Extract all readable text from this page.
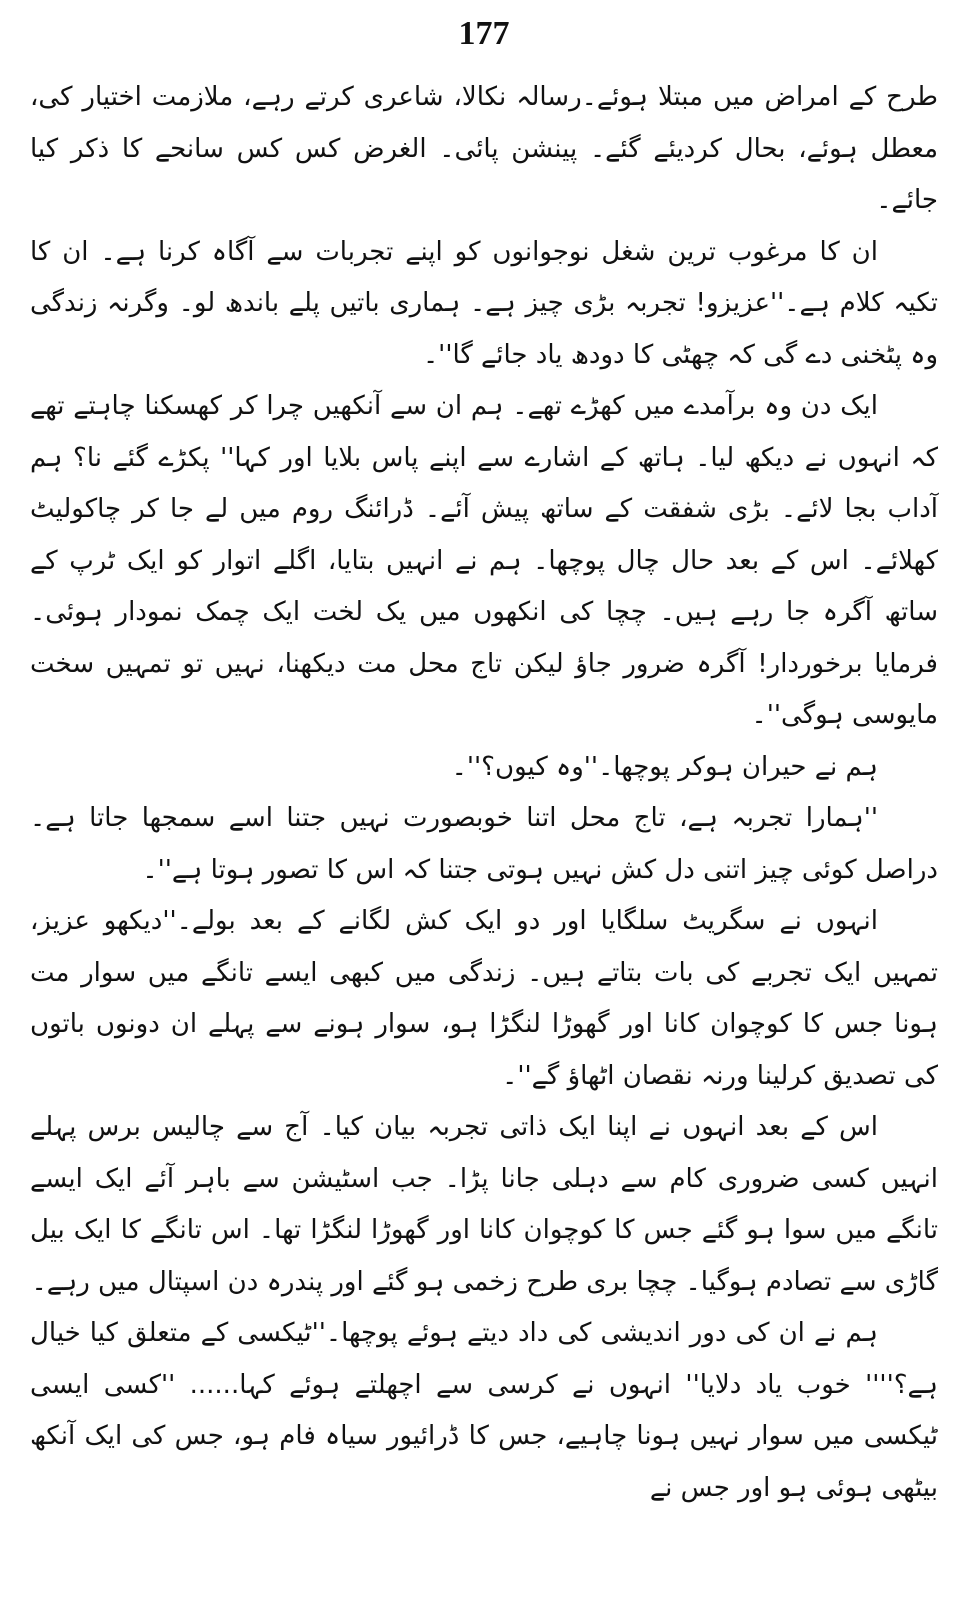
177

طرح کے امراض میں مبتلا ہوئے۔رسالہ نکالا، شاعری کرتے رہے، ملازمت اختیار کی، معطل ہوئے، بحال کردیئے گئے۔ پینشن پائی۔ الغرض کس کس سانحے کا ذکر کیا جائے۔

ان کا مرغوب ترین شغل نوجوانوں کو اپنے تجربات سے آگاہ کرنا ہے۔ ان کا تکیہ کلام ہے۔''عزیزو! تجربہ بڑی چیز ہے۔ ہماری باتیں پلے باندھ لو۔ وگرنہ زندگی وہ پٹخنی دے گی کہ چھٹی کا دودھ یاد جائے گا''۔

ایک دن وہ برآمدے میں کھڑے تھے۔ ہم ان سے آنکھیں چرا کر کھسکنا چاہتے تھے کہ انہوں نے دیکھ لیا۔ ہاتھ کے اشارے سے اپنے پاس بلایا اور کہا'' پکڑے گئے نا؟ ہم آداب بجا لائے۔ بڑی شفقت کے ساتھ پیش آئے۔ ڈرائنگ روم میں لے جا کر چاکولیٹ کھلائے۔ اس کے بعد حال چال پوچھا۔ ہم نے انہیں بتایا، اگلے اتوار کو ایک ٹرپ کے ساتھ آگرہ جا رہے ہیں۔ چچا کی انکھوں میں یک لخت ایک چمک نمودار ہوئی۔ فرمایا برخوردار! آگرہ ضرور جاؤ لیکن تاج محل مت دیکھنا، نہیں تو تمہیں سخت مایوسی ہوگی''۔

ہم نے حیران ہوکر پوچھا۔''وہ کیوں؟''۔

''ہمارا تجربہ ہے، تاج محل اتنا خوبصورت نہیں جتنا اسے سمجھا جاتا ہے۔ دراصل کوئی چیز اتنی دل کش نہیں ہوتی جتنا کہ اس کا تصور ہوتا ہے''۔

انہوں نے سگریٹ سلگایا اور دو ایک کش لگانے کے بعد بولے۔''دیکھو عزیز، تمہیں ایک تجربے کی بات بتاتے ہیں۔ زندگی میں کبھی ایسے تانگے میں سوار مت ہونا جس کا کوچوان کانا اور گھوڑا لنگڑا ہو، سوار ہونے سے پہلے ان دونوں باتوں کی تصدیق کرلینا ورنہ نقصان اٹھاؤ گے''۔

اس کے بعد انہوں نے اپنا ایک ذاتی تجربہ بیان کیا۔ آج سے چالیس برس پہلے انہیں کسی ضروری کام سے دہلی جانا پڑا۔ جب اسٹیشن سے باہر آئے ایک ایسے تانگے میں سوا ہو گئے جس کا کوچوان کانا اور گھوڑا لنگڑا تھا۔ اس تانگے کا ایک بیل گاڑی سے تصادم ہوگیا۔ چچا بری طرح زخمی ہو گئے اور پندرہ دن اسپتال میں رہے۔

ہم نے ان کی دور اندیشی کی داد دیتے ہوئے پوچھا۔''ٹیکسی کے متعلق کیا خیال ہے؟'''' خوب یاد دلایا'' انہوں نے کرسی سے اچھلتے ہوئے کہا...... ''کسی ایسی ٹیکسی میں سوار نہیں ہونا چاہیے، جس کا ڈرائیور سیاہ فام ہو، جس کی ایک آنکھ بیٹھی ہوئی ہو اور جس نے
